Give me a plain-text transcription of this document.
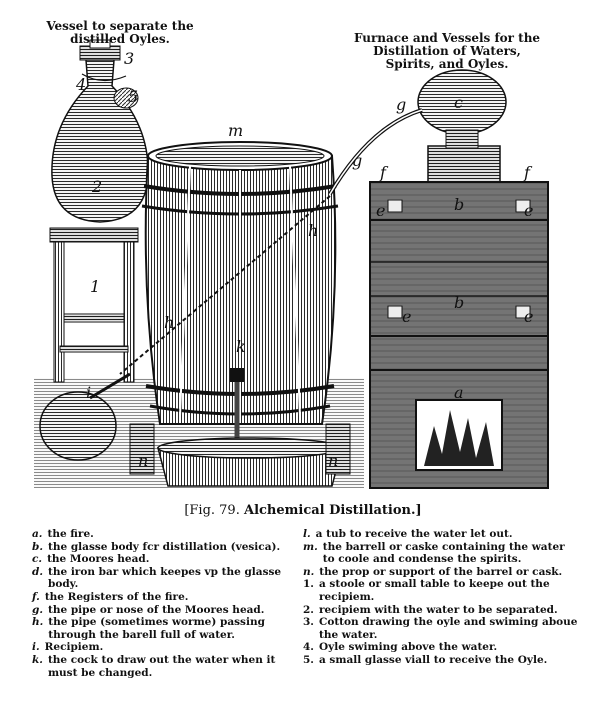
m
g
g	c
f	f
b
b
e	e
e	e
a
h
h
k
i
n	n
1
2
3
5
4
Vessel to separate the distilled Oyles.	Furnace and Vessels for the Distillation of Waters, Spirits, and Oyles.
[Fig. 79. Alchemical Distillation.]
a. the fire.
b. the glasse body fcr distillation (vesica).
c. the Moores head.
d. the iron bar which keepes vp the glasse body.
f. the Registers of the fire.
g. the pipe or nose of the Moores head.
h. the pipe (sometimes worme) passing through the barell full of water.
i. Recipiem.
k. the cock to draw out the water when it must be changed.
l. a tub to receive the water let out.
m. the barrell or caske containing the water to coole and condense the spirits.
n. the prop or support of the barrel or cask.
1. a stoole or small table to keepe out the recipiem.
2. recipiem with the water to be separated.
3. Cotton drawing the oyle and swiming aboue the water.
4. Oyle swiming above the water.
5. a small glasse viall to receive the Oyle.
